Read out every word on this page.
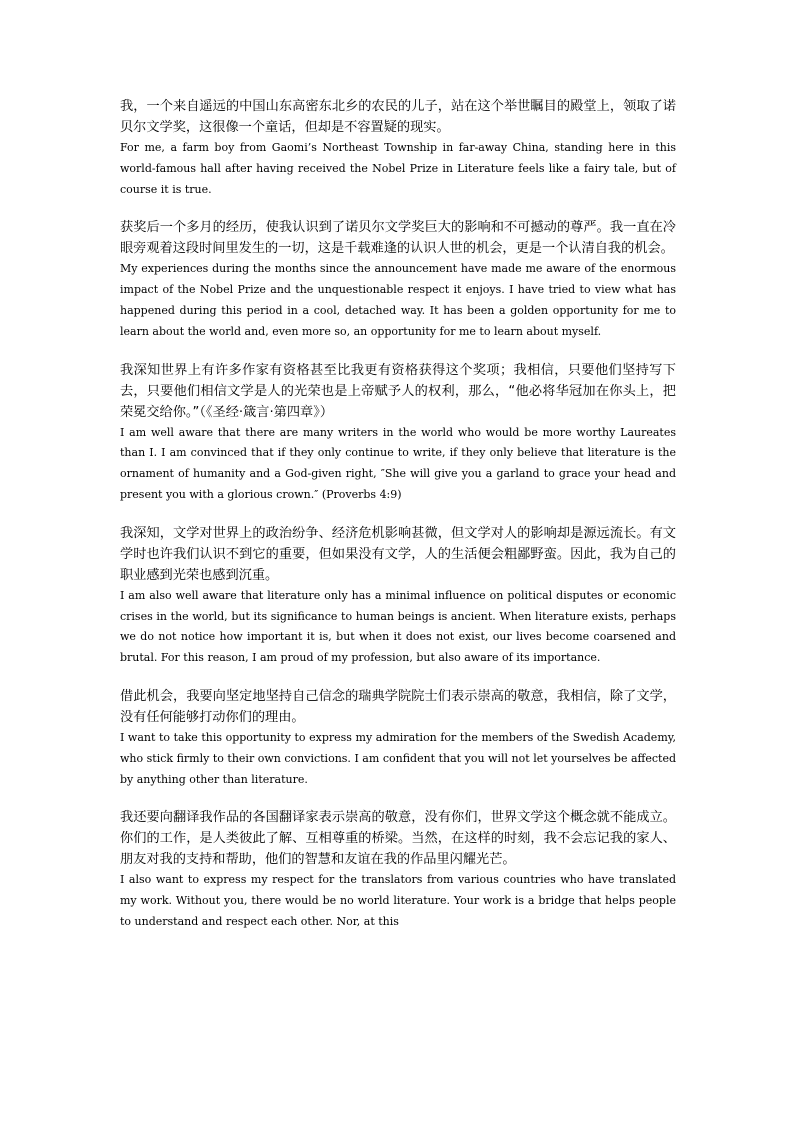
我，一个来自遥远的中国山东高密东北乡的农民的儿子，站在这个举世瞩目的殿堂上，领取了诺贝尔文学奖，这很像一个童话，但却是不容置疑的现实。

For me, a farm boy from Gaomi’s Northeast Township in far-away China, standing here in this world-famous hall after having received the Nobel Prize in Literature feels like a fairy tale, but of course it is true.

获奖后一个多月的经历，使我认识到了诺贝尔文学奖巨大的影响和不可撼动的尊严。我一直在冷眼旁观着这段时间里发生的一切，这是千载难逢的认识人世的机会，更是一个认清自我的机会。

My experiences during the months since the announcement have made me aware of the enormous impact of the Nobel Prize and the unquestionable respect it enjoys. I have tried to view what has happened during this period in a cool, detached way. It has been a golden opportunity for me to learn about the world and, even more so, an opportunity for me to learn about myself.

我深知世界上有许多作家有资格甚至比我更有资格获得这个奖项；我相信，只要他们坚持写下去，只要他们相信文学是人的光荣也是上帝赋予人的权利，那么，“他必将华冠加在你头上，把荣冕交给你。”（《圣经·箴言·第四章》）

I am well aware that there are many writers in the world who would be more worthy Laureates than I. I am convinced that if they only continue to write, if they only believe that literature is the ornament of humanity and a God-given right, ″She will give you a garland to grace your head and present you with a glorious crown.″ (Proverbs 4:9)

我深知，文学对世界上的政治纷争、经济危机影响甚微，但文学对人的影响却是源远流长。有文学时也许我们认识不到它的重要，但如果没有文学，人的生活便会粗鄙野蛮。因此，我为自己的职业感到光荣也感到沉重。

I am also well aware that literature only has a minimal influence on political disputes or economic crises in the world, but its significance to human beings is ancient. When literature exists, perhaps we do not notice how important it is, but when it does not exist, our lives become coarsened and brutal. For this reason, I am proud of my profession, but also aware of its importance.

借此机会，我要向坚定地坚持自己信念的瑞典学院院士们表示崇高的敬意，我相信，除了文学，没有任何能够打动你们的理由。

I want to take this opportunity to express my admiration for the members of the Swedish Academy, who stick firmly to their own convictions. I am confident that you will not let yourselves be affected by anything other than literature.

我还要向翻译我作品的各国翻译家表示崇高的敬意，没有你们，世界文学这个概念就不能成立。你们的工作，是人类彼此了解、互相尊重的桥梁。当然，在这样的时刻，我不会忘记我的家人、朋友对我的支持和帮助，他们的智慧和友谊在我的作品里闪耀光芒。

I also want to express my respect for the translators from various countries who have translated my work. Without you, there would be no world literature. Your work is a bridge that helps people to understand and respect each other. Nor, at this
